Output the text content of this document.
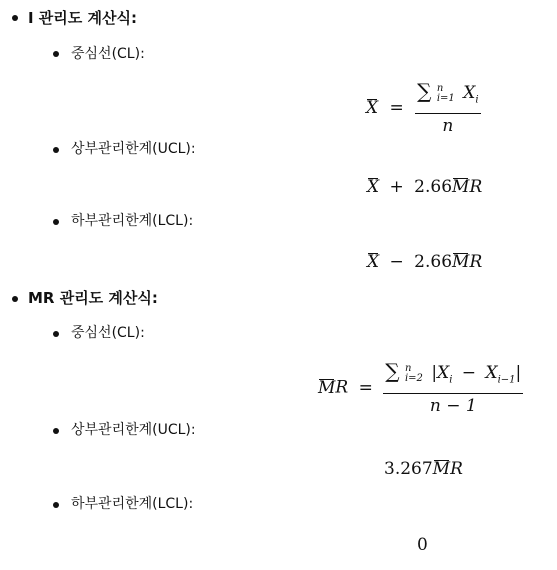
I 관리도 계산식:
중심선(CL):
X = ∑ n
i=1 $X_i$
n
상부관리한계(UCL):
X + 2.66MR
하부관리한계(LCL):
X − 2.66MR
MR 관리도 계산식:
중심선(CL):
MR =
∑ n
i=2 $|X_i - X_{i-1}|$
n − 1
상부관리한계(UCL):
3.267MR
하부관리한계(LCL):
0
